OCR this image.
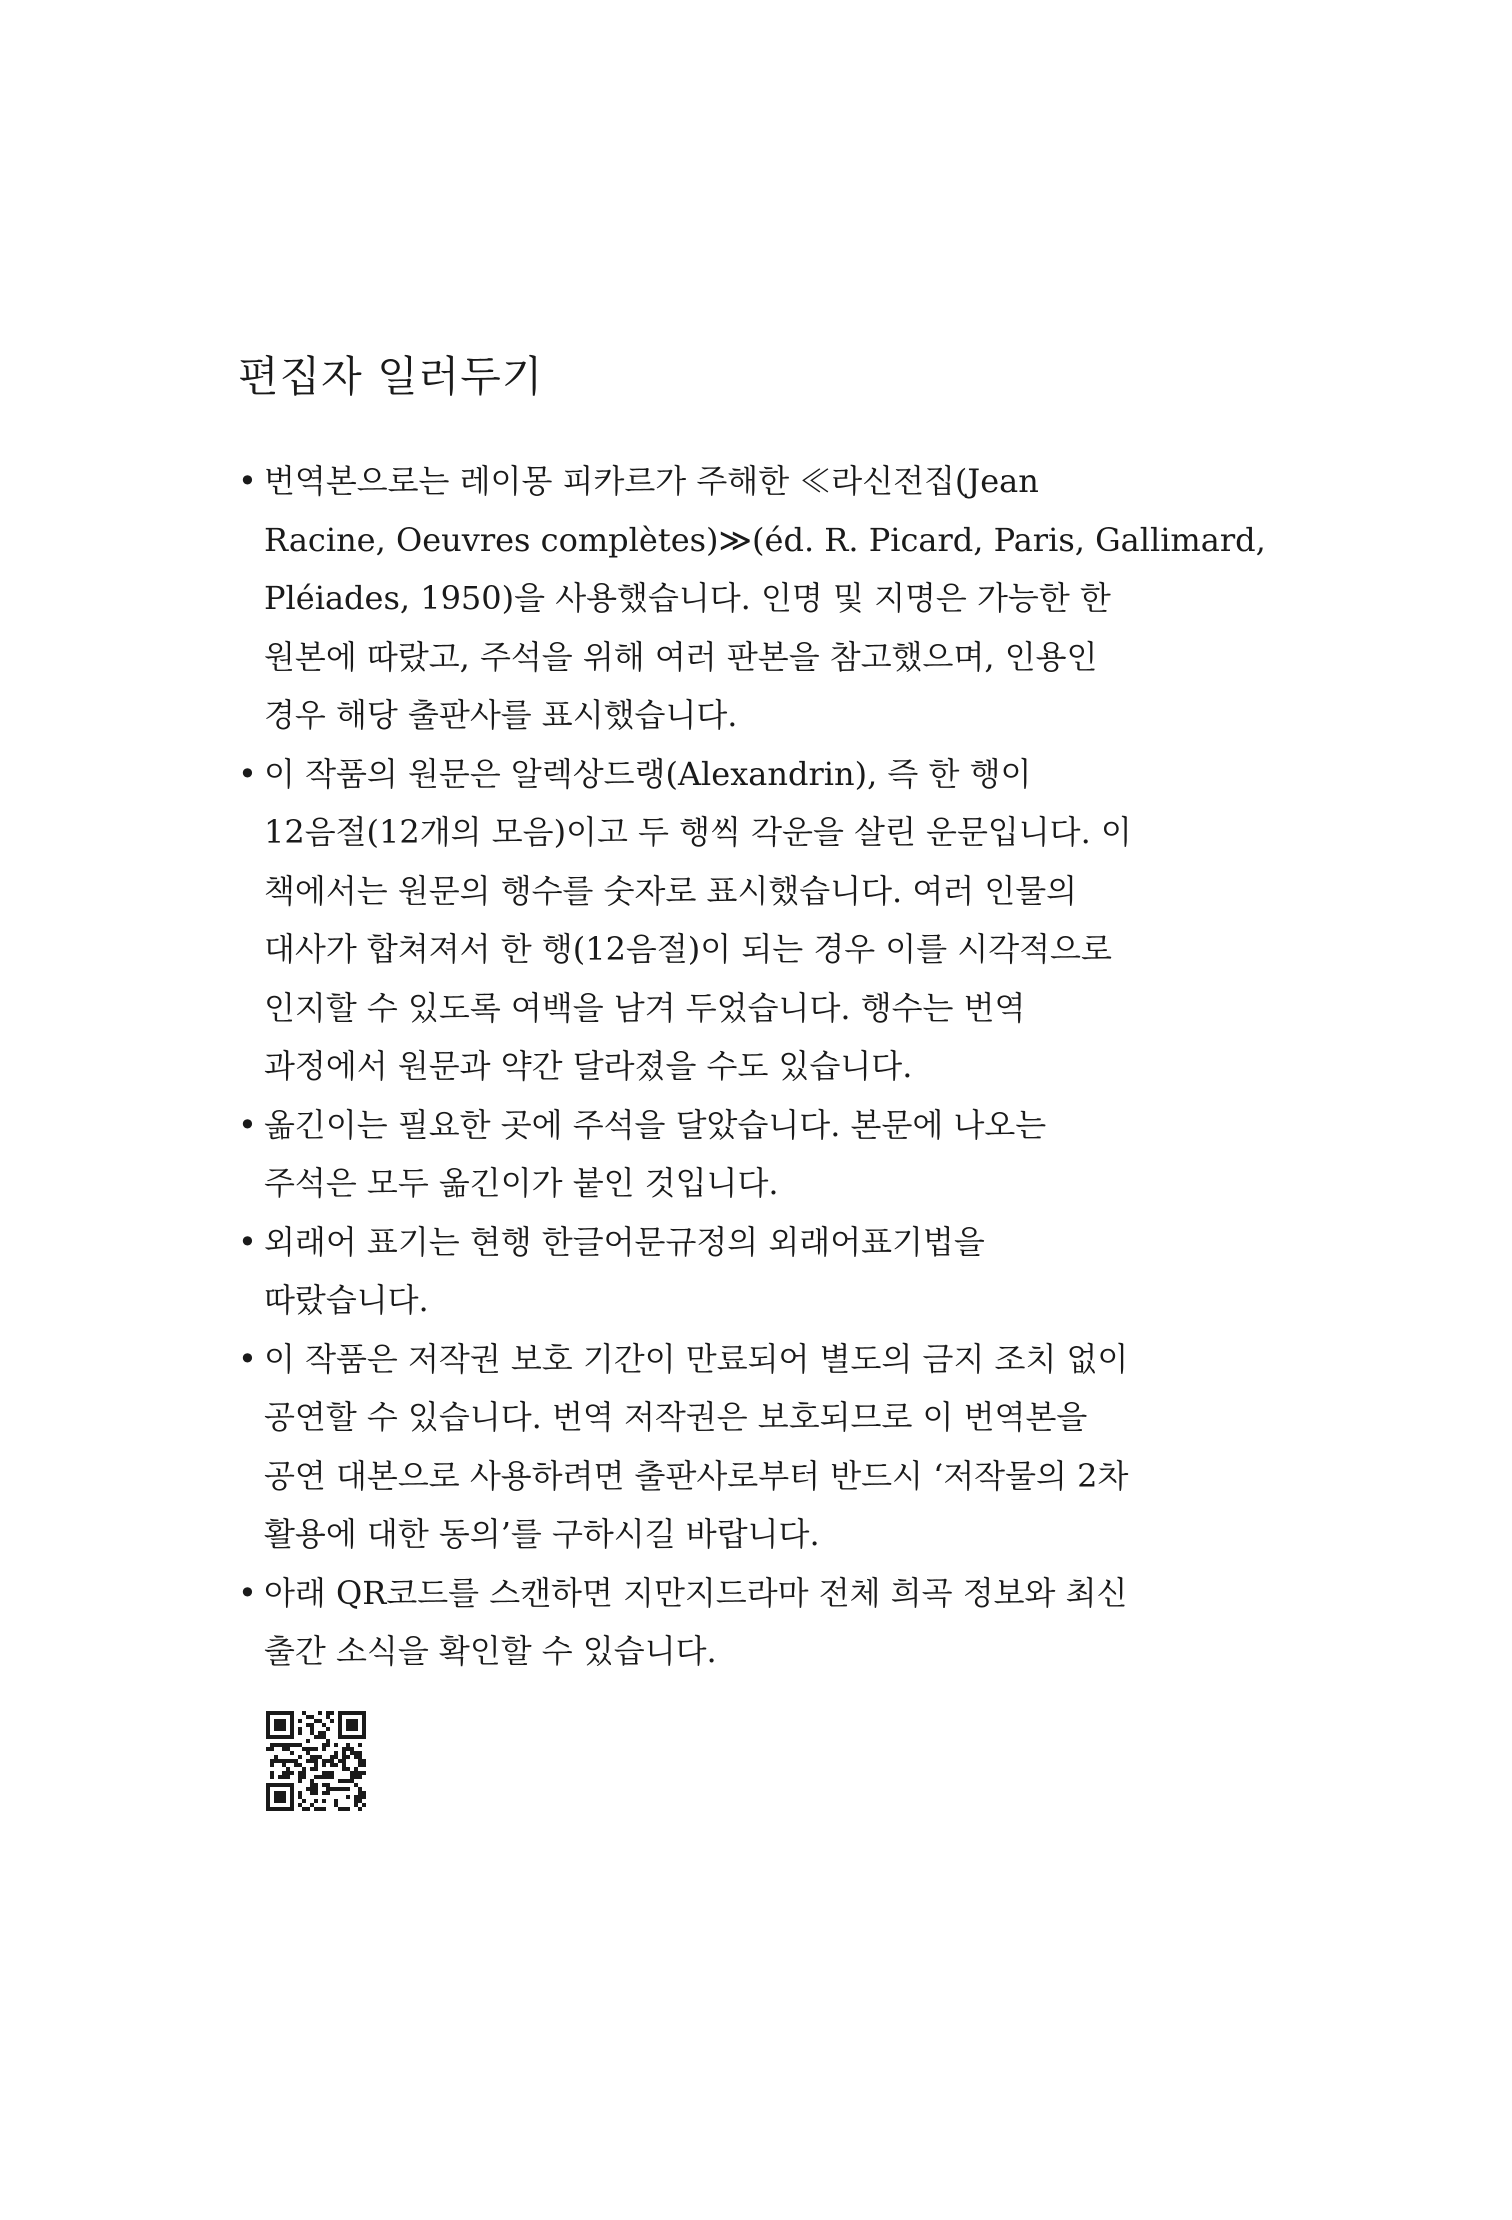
편집자 일러두기
• 번역본으로는 레이몽 피카르가 주해한 ≪라신전집(Jean
Racine, Oeuvres complètes)≫(éd. R. Picard, Paris, Gallimard,
Pléiades, 1950)을 사용했습니다. 인명 및 지명은 가능한 한
원본에 따랐고, 주석을 위해 여러 판본을 참고했으며, 인용인
경우 해당 출판사를 표시했습니다.
• 이 작품의 원문은 알렉상드랭(Alexandrin), 즉 한 행이
12음절(12개의 모음)이고 두 행씩 각운을 살린 운문입니다. 이
책에서는 원문의 행수를 숫자로 표시했습니다. 여러 인물의
대사가 합쳐져서 한 행(12음절)이 되는 경우 이를 시각적으로
인지할 수 있도록 여백을 남겨 두었습니다. 행수는 번역
과정에서 원문과 약간 달라졌을 수도 있습니다.
• 옮긴이는 필요한 곳에 주석을 달았습니다. 본문에 나오는
주석은 모두 옮긴이가 붙인 것입니다.
• 외래어 표기는 현행 한글어문규정의 외래어표기법을
따랐습니다.
• 이 작품은 저작권 보호 기간이 만료되어 별도의 금지 조치 없이
공연할 수 있습니다. 번역 저작권은 보호되므로 이 번역본을
공연 대본으로 사용하려면 출판사로부터 반드시 ‘저작물의 2차
활용에 대한 동의’를 구하시길 바랍니다.
• 아래 QR코드를 스캔하면 지만지드라마 전체 희곡 정보와 최신
출간 소식을 확인할 수 있습니다.
